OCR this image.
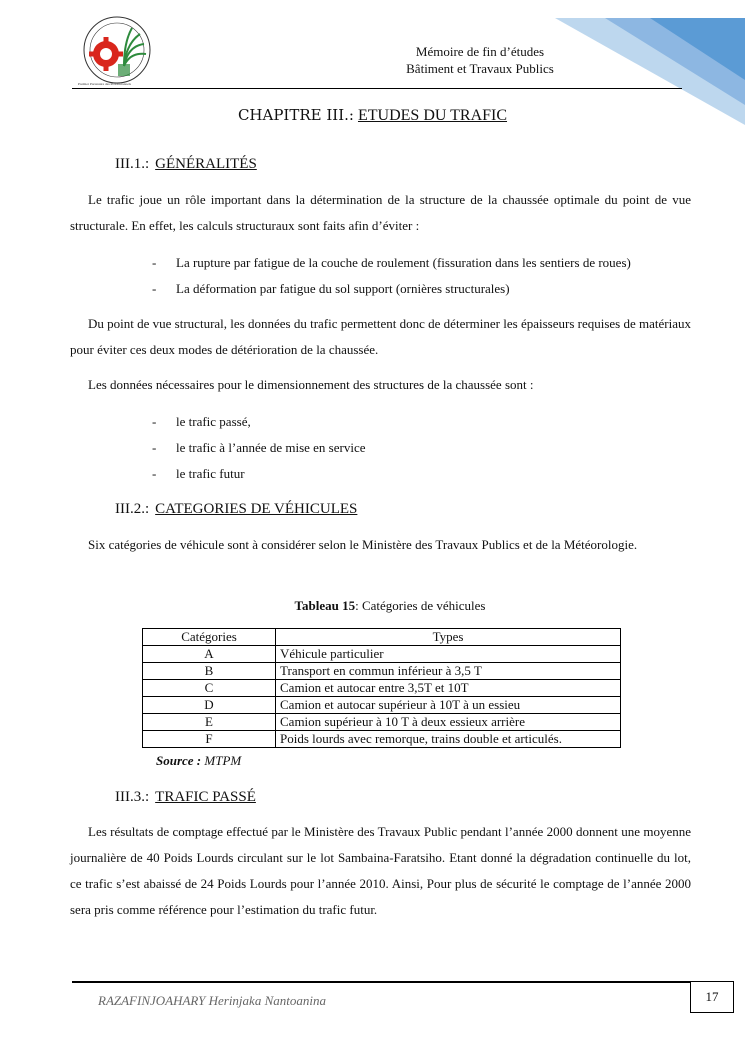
Premier Partenaire des Professionnels
Mémoire de fin d’études
Bâtiment et Travaux Publics
CHAPITRE III.: ETUDES DU TRAFIC
III.1.: GÉNÉRALITÉS
Le trafic joue un rôle important dans la détermination de la structure de la chaussée optimale du point de vue structurale. En effet, les calculs structuraux sont faits afin d’éviter :
- La rupture par fatigue de la couche de roulement (fissuration dans les sentiers de roues)
- La déformation par fatigue du sol support (ornières structurales)
Du point de vue structural, les données du trafic permettent donc de déterminer les épaisseurs requises de matériaux pour éviter ces deux modes de détérioration de la chaussée.
Les données nécessaires pour le dimensionnement des structures de la chaussée sont :
- le trafic passé,
- le trafic à l’année de mise en service
- le trafic futur
III.2.: CATEGORIES DE VÉHICULES
Six catégories de véhicule sont à considérer selon le Ministère des Travaux Publics et de la Météorologie.
Tableau 15: Catégories de véhicules
Catégories	Types
A	Véhicule particulier
B	Transport en commun inférieur à 3,5 T
C	Camion et autocar entre 3,5T et 10T
D	Camion et autocar supérieur à 10T à un essieu
E	Camion supérieur à 10 T à deux essieux arrière
F	Poids lourds avec remorque, trains double et articulés.
Source : MTPM
III.3.: TRAFIC PASSÉ
Les résultats de comptage effectué par le Ministère des Travaux Public pendant l’année 2000 donnent une moyenne journalière de 40 Poids Lourds circulant sur le lot Sambaina-Faratsiho. Etant donné la dégradation continuelle du lot, ce trafic s’est abaissé de 24 Poids Lourds pour l’année 2010. Ainsi, Pour plus de sécurité le comptage de l’année 2000 sera pris comme référence pour l’estimation du trafic futur.
RAZAFINJOAHARY Herinjaka Nantoanina	17
